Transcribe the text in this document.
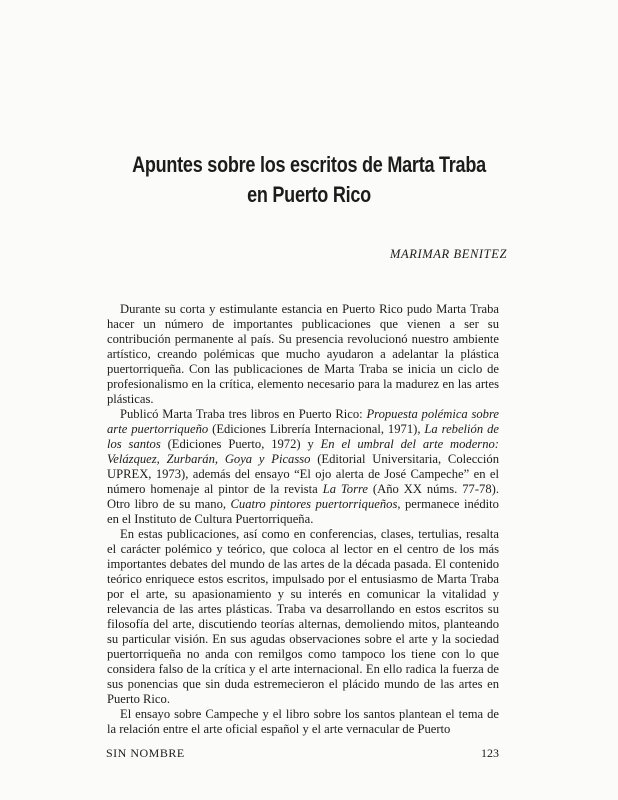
Apuntes sobre los escritos de Marta Traba
en Puerto Rico
MARIMAR BENITEZ

Durante su corta y estimulante estancia en Puerto Rico pudo Marta Traba hacer un número de importantes publicaciones que vienen a ser su contribución permanente al país. Su presencia revolucionó nuestro ambiente artístico, creando polémicas que mucho ayudaron a adelantar la plástica puertorriqueña. Con las publicaciones de Marta Traba se inicia un ciclo de profesionalismo en la crítica, elemento necesario para la madurez en las artes plásticas.

Publicó Marta Traba tres libros en Puerto Rico: Propuesta polémica sobre arte puertorriqueño (Ediciones Librería Internacional, 1971), La rebelión de los santos (Ediciones Puerto, 1972) y En el umbral del arte moderno: Velázquez, Zurbarán, Goya y Picasso (Editorial Universitaria, Colección UPREX, 1973), además del ensayo “El ojo alerta de José Campeche” en el número homenaje al pintor de la revista La Torre (Año XX núms. 77-78). Otro libro de su mano, Cuatro pintores puertorriqueños, permanece inédito en el Instituto de Cultura Puertorriqueña.

En estas publicaciones, así como en conferencias, clases, tertulias, resalta el carácter polémico y teórico, que coloca al lector en el centro de los más importantes debates del mundo de las artes de la década pasada. El contenido teórico enriquece estos escritos, impulsado por el entusiasmo de Marta Traba por el arte, su apasionamiento y su interés en comunicar la vitalidad y relevancia de las artes plásticas. Traba va desarrollando en estos escritos su filosofía del arte, discutiendo teorías alternas, demoliendo mitos, planteando su particular visión. En sus agudas observaciones sobre el arte y la sociedad puertorriqueña no anda con remilgos como tampoco los tiene con lo que considera falso de la crítica y el arte internacional. En ello radica la fuerza de sus ponencias que sin duda estremecieron el plácido mundo de las artes en Puerto Rico.

El ensayo sobre Campeche y el libro sobre los santos plantean el tema de la relación entre el arte oficial español y el arte vernacular de Puerto

SIN NOMBRE	123
